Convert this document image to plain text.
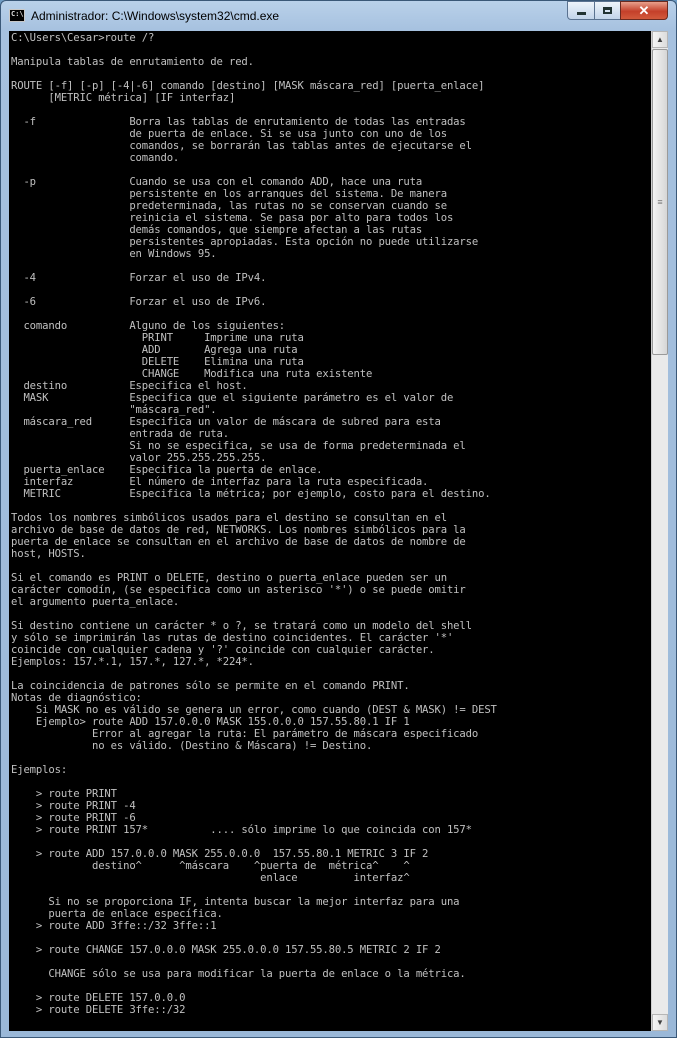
C:\
Administrador: C:\Windows\system32\cmd.exe	✕
C:\Users\Cesar>route /?

Manipula tablas de enrutamiento de red.

ROUTE [-f] [-p] [-4|-6] comando [destino] [MASK máscara_red] [puerta_enlace]
[METRIC métrica] [IF interfaz]

-f               Borra las tablas de enrutamiento de todas las entradas
de puerta de enlace. Si se usa junto con uno de los
comandos, se borrarán las tablas antes de ejecutarse el
comando.

-p               Cuando se usa con el comando ADD, hace una ruta
persistente en los arranques del sistema. De manera
predeterminada, las rutas no se conservan cuando se
reinicia el sistema. Se pasa por alto para todos los
demás comandos, que siempre afectan a las rutas
persistentes apropiadas. Esta opción no puede utilizarse
en Windows 95.

-4               Forzar el uso de IPv4.

-6               Forzar el uso de IPv6.

comando          Alguno de los siguientes:
PRINT     Imprime una ruta
ADD       Agrega una ruta
DELETE    Elimina una ruta
CHANGE    Modifica una ruta existente
destino          Especifica el host.
MASK             Especifica que el siguiente parámetro es el valor de
"máscara_red".
máscara_red      Especifica un valor de máscara de subred para esta
entrada de ruta.
Si no se especifica, se usa de forma predeterminada el
valor 255.255.255.255.
puerta_enlace    Especifica la puerta de enlace.
interfaz         El número de interfaz para la ruta especificada.
METRIC           Especifica la métrica; por ejemplo, costo para el destino.

Todos los nombres simbólicos usados para el destino se consultan en el
archivo de base de datos de red, NETWORKS. Los nombres simbólicos para la
puerta de enlace se consultan en el archivo de base de datos de nombre de
host, HOSTS.

Si el comando es PRINT o DELETE, destino o puerta_enlace pueden ser un
carácter comodín, (se especifica como un asterisco '*') o se puede omitir
el argumento puerta_enlace.

Si destino contiene un carácter * o ?, se tratará como un modelo del shell
y sólo se imprimirán las rutas de destino coincidentes. El carácter '*'
coincide con cualquier cadena y '?' coincide con cualquier carácter.
Ejemplos: 157.*.1, 157.*, 127.*, *224*.

La coincidencia de patrones sólo se permite en el comando PRINT.
Notas de diagnóstico:
Si MASK no es válido se genera un error, como cuando (DEST & MASK) != DEST
Ejemplo> route ADD 157.0.0.0 MASK 155.0.0.0 157.55.80.1 IF 1
Error al agregar la ruta: El parámetro de máscara especificado
no es válido. (Destino & Máscara) != Destino.

Ejemplos:

> route PRINT
> route PRINT -4
> route PRINT -6
> route PRINT 157*          .... sólo imprime lo que coincida con 157*

> route ADD 157.0.0.0 MASK 255.0.0.0  157.55.80.1 METRIC 3 IF 2
destino^      ^máscara    ^puerta de  métrica^    ^
enlace         interfaz^

Si no se proporciona IF, intenta buscar la mejor interfaz para una
puerta de enlace específica.
> route ADD 3ffe::/32 3ffe::1

> route CHANGE 157.0.0.0 MASK 255.0.0.0 157.55.80.5 METRIC 2 IF 2

CHANGE sólo se usa para modificar la puerta de enlace o la métrica.

> route DELETE 157.0.0.0
> route DELETE 3ffe::/32

▲
≡
▼
